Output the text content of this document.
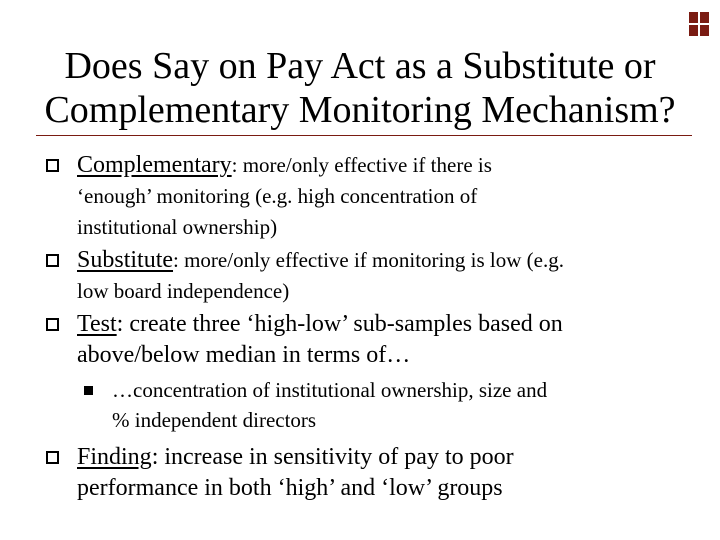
Does Say on Pay Act as a Substitute or
Complementary Monitoring Mechanism?
Complementary: more/only effective if there is
‘enough’ monitoring (e.g. high concentration of
institutional ownership)
Substitute: more/only effective if monitoring is low (e.g.
low board independence)
Test: create three ‘high-low’ sub-samples based on
above/below median in terms of…
…concentration of institutional ownership, size and
% independent directors
Finding: increase in sensitivity of pay to poor
performance in both ‘high’ and ‘low’ groups
